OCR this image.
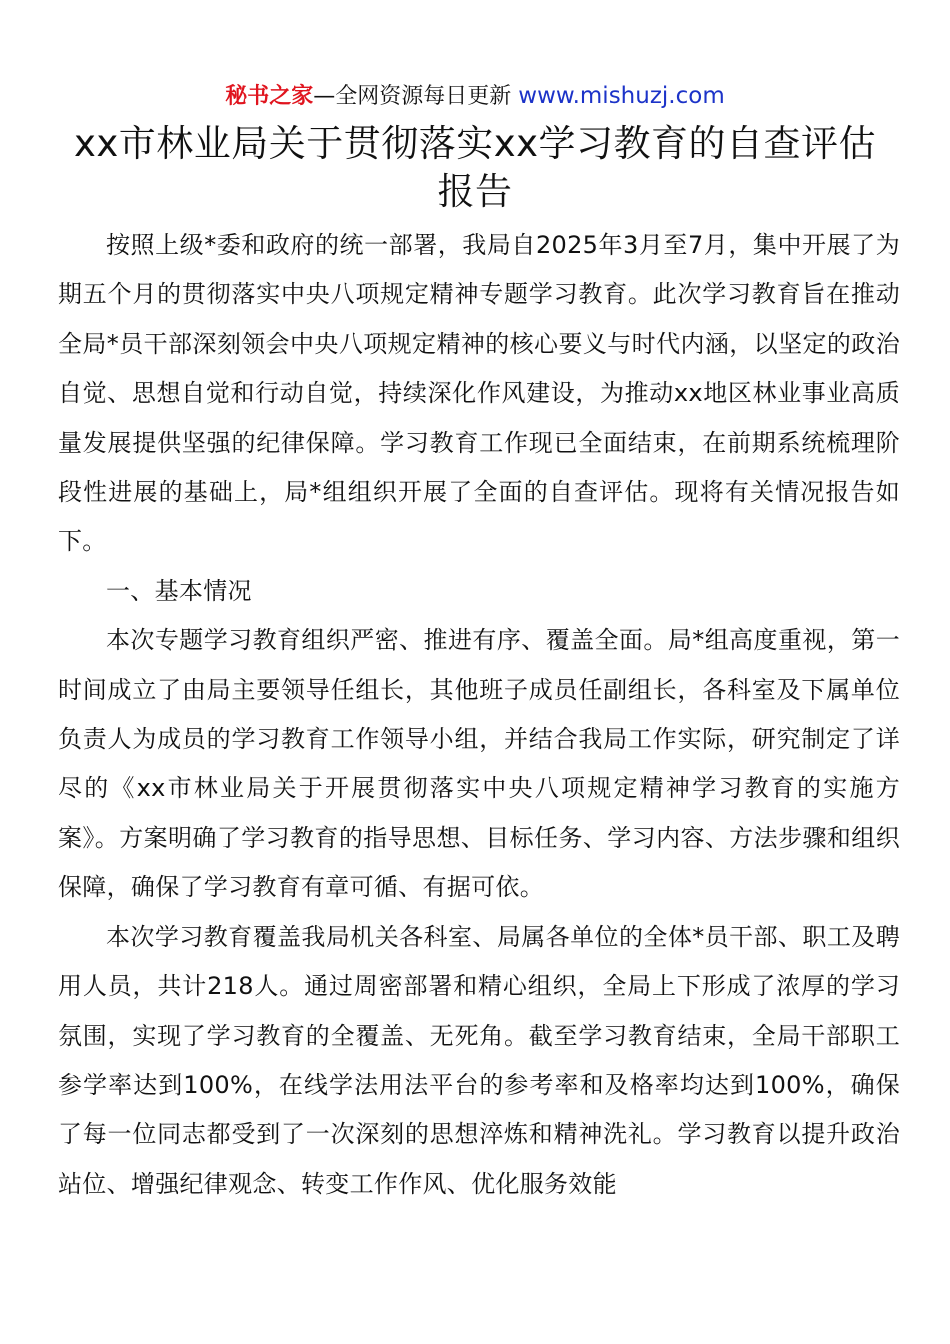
秘书之家—全网资源每日更新 www.mishuzj.com
xx市林业局关于贯彻落实xx学习教育的自查评估报告

按照上级*委和政府的统一部署，我局自2025年3月至7月，集中开展了为期五个月的贯彻落实中央八项规定精神专题学习教育。此次学习教育旨在推动全局*员干部深刻领会中央八项规定精神的核心要义与时代内涵，以坚定的政治自觉、思想自觉和行动自觉，持续深化作风建设，为推动xx地区林业事业高质量发展提供坚强的纪律保障。学习教育工作现已全面结束，在前期系统梳理阶段性进展的基础上，局*组组织开展了全面的自查评估。现将有关情况报告如下。

一、基本情况

本次专题学习教育组织严密、推进有序、覆盖全面。局*组高度重视，第一时间成立了由局主要领导任组长，其他班子成员任副组长，各科室及下属单位负责人为成员的学习教育工作领导小组，并结合我局工作实际，研究制定了详尽的《xx市林业局关于开展贯彻落实中央八项规定精神学习教育的实施方案》。方案明确了学习教育的指导思想、目标任务、学习内容、方法步骤和组织保障，确保了学习教育有章可循、有据可依。

本次学习教育覆盖我局机关各科室、局属各单位的全体*员干部、职工及聘用人员，共计218人。通过周密部署和精心组织，全局上下形成了浓厚的学习氛围，实现了学习教育的全覆盖、无死角。截至学习教育结束，全局干部职工参学率达到100%，在线学法用法平台的参考率和及格率均达到100%，确保了每一位同志都受到了一次深刻的思想淬炼和精神洗礼。学习教育以提升政治站位、增强纪律观念、转变工作作风、优化服务效能
